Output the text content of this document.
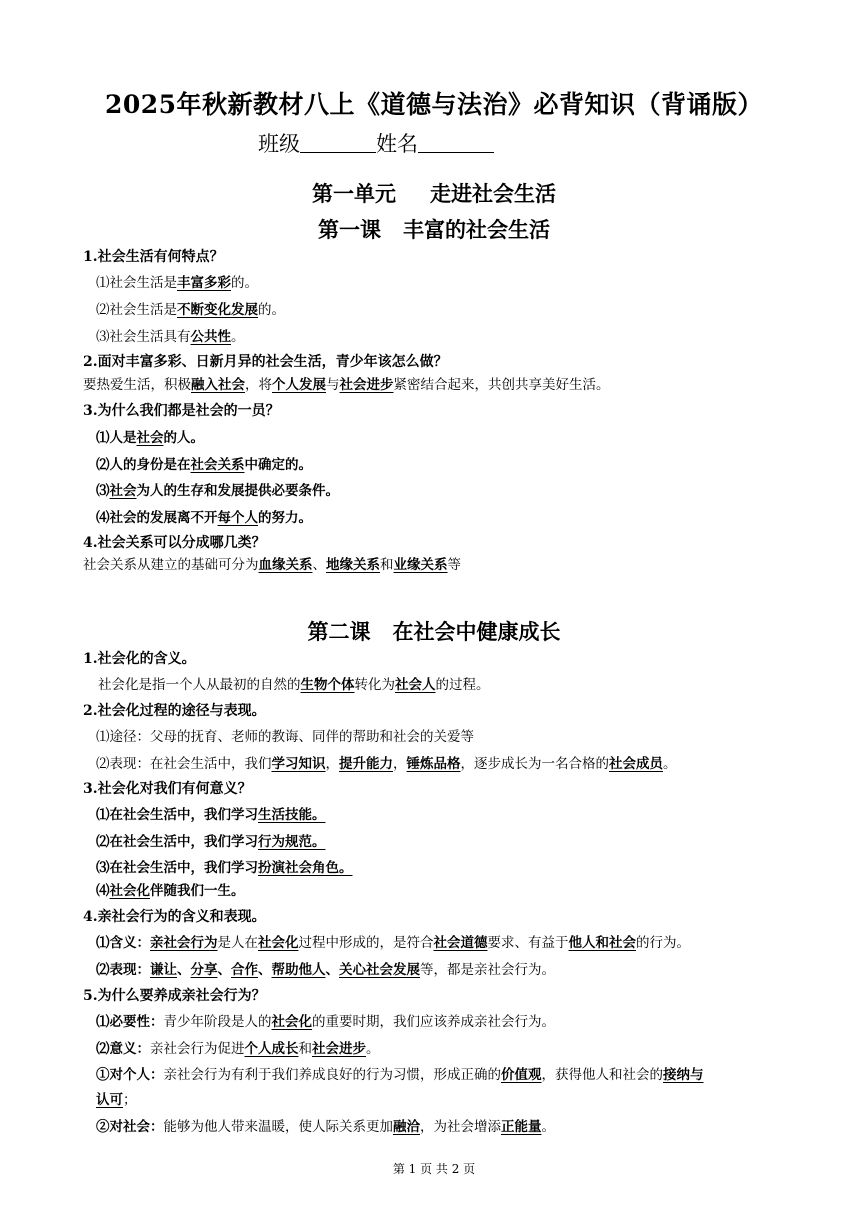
2025年秋新教材八上《道德与法治》必背知识（背诵版）
班级	姓名
第一单元 走进社会生活
第一课 丰富的社会生活
1.社会生活有何特点？
⑴社会生活是丰富多彩的。
⑵社会生活是不断变化发展的。
⑶社会生活具有公共性。
2.面对丰富多彩、日新月异的社会生活，青少年该怎么做？
要热爱生活，积极融入社会，将个人发展与社会进步紧密结合起来，共创共享美好生活。
3.为什么我们都是社会的一员？
⑴人是社会的人。
⑵人的身份是在社会关系中确定的。
⑶社会为人的生存和发展提供必要条件。
⑷社会的发展离不开每个人的努力。
4.社会关系可以分成哪几类？
社会关系从建立的基础可分为血缘关系、地缘关系和业缘关系等
第二课 在社会中健康成长
1.社会化的含义。
社会化是指一个人从最初的自然的生物个体转化为社会人的过程。
2.社会化过程的途径与表现。
⑴途径：父母的抚育、老师的教诲、同伴的帮助和社会的关爱等
⑵表现：在社会生活中，我们学习知识，提升能力，锤炼品格，逐步成长为一名合格的社会成员。
3.社会化对我们有何意义？
⑴在社会生活中，我们学习生活技能。
⑵在社会生活中，我们学习行为规范。
⑶在社会生活中，我们学习扮演社会角色。
⑷社会化伴随我们一生。
4.亲社会行为的含义和表现。
⑴含义：亲社会行为是人在社会化过程中形成的，是符合社会道德要求、有益于他人和社会的行为。
⑵表现：谦让、分享、合作、帮助他人、关心社会发展等，都是亲社会行为。
5.为什么要养成亲社会行为？
⑴必要性：青少年阶段是人的社会化的重要时期，我们应该养成亲社会行为。
⑵意义：亲社会行为促进个人成长和社会进步。
①对个人：亲社会行为有利于我们养成良好的行为习惯，形成正确的价值观，获得他人和社会的接纳与
认可；
②对社会：能够为他人带来温暖，使人际关系更加融洽，为社会增添正能量。
第 1 页 共 2 页
